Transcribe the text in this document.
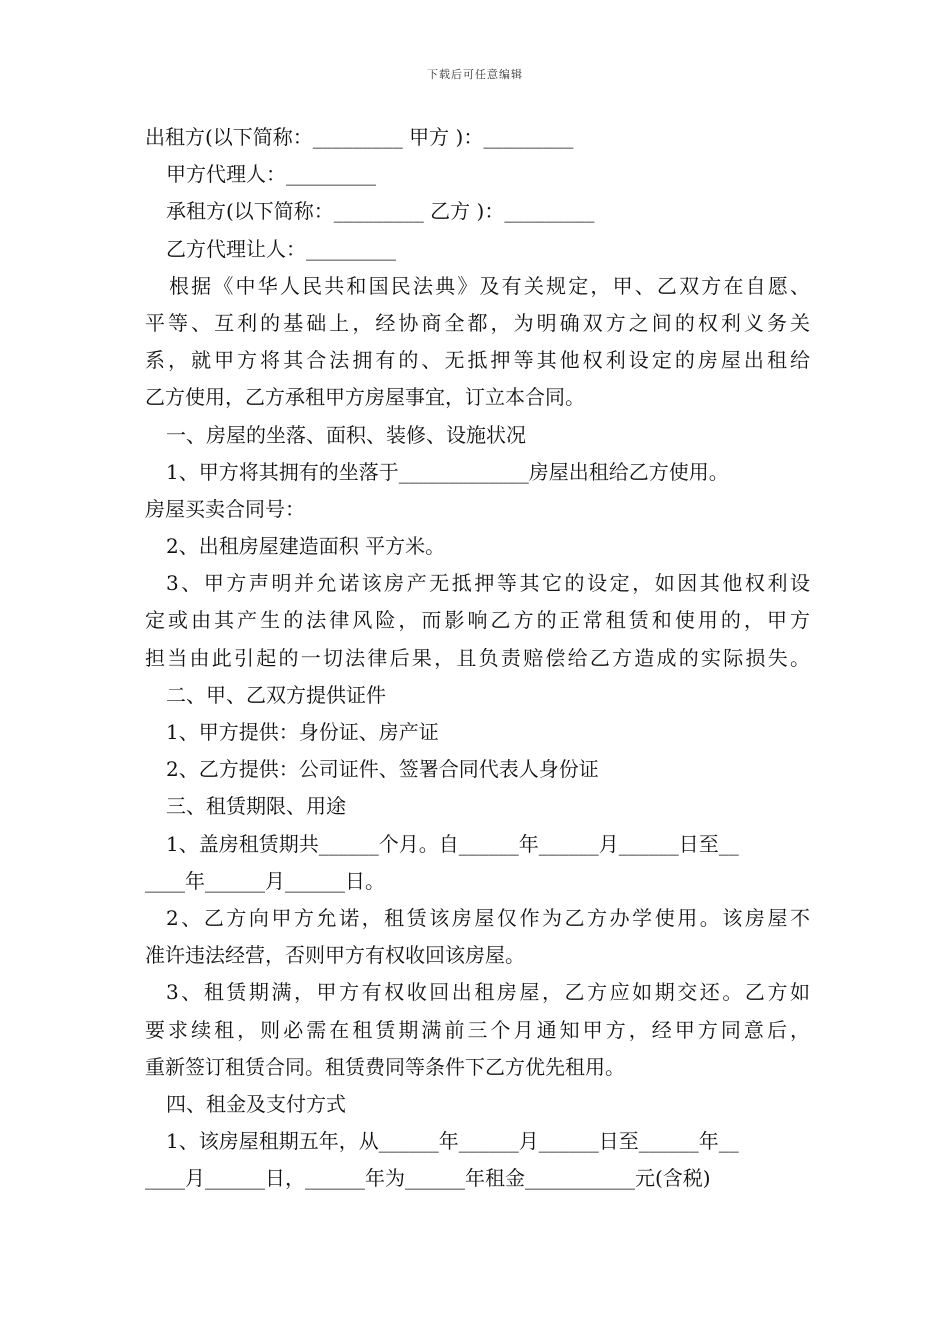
下载后可任意编辑
出租方(以下简称：_________ 甲方 )：_________
甲方代理人：_________
承租方(以下简称：_________ 乙方 )：_________
乙方代理让人：_________
根据《中华人民共和国民法典》及有关规定，甲、乙双方在自愿、
平等、互利的基础上，经协商全都，为明确双方之间的权利义务关
系，就甲方将其合法拥有的、无抵押等其他权利设定的房屋出租给
乙方使用，乙方承租甲方房屋事宜，订立本合同。
一、房屋的坐落、面积、装修、设施状况
1、甲方将其拥有的坐落于_____________房屋出租给乙方使用。
房屋买卖合同号：
2、出租房屋建造面积 平方米。
3、甲方声明并允诺该房产无抵押等其它的设定，如因其他权利设
定或由其产生的法律风险，而影响乙方的正常租赁和使用的，甲方
担当由此引起的一切法律后果，且负责赔偿给乙方造成的实际损失。
二、甲、乙双方提供证件
1、甲方提供：身份证、房产证
2、乙方提供：公司证件、签署合同代表人身份证
三、租赁期限、用途
1、盖房租赁期共______个月。自______年______月______日至__
____年______月______日。
2、乙方向甲方允诺，租赁该房屋仅作为乙方办学使用。该房屋不
准许违法经营，否则甲方有权收回该房屋。
3、租赁期满，甲方有权收回出租房屋，乙方应如期交还。乙方如
要求续租，则必需在租赁期满前三个月通知甲方，经甲方同意后，
重新签订租赁合同。租赁费同等条件下乙方优先租用。
四、租金及支付方式
1、该房屋租期五年，从______年______月______日至______年__
____月______日，______年为______年租金___________元(含税)
